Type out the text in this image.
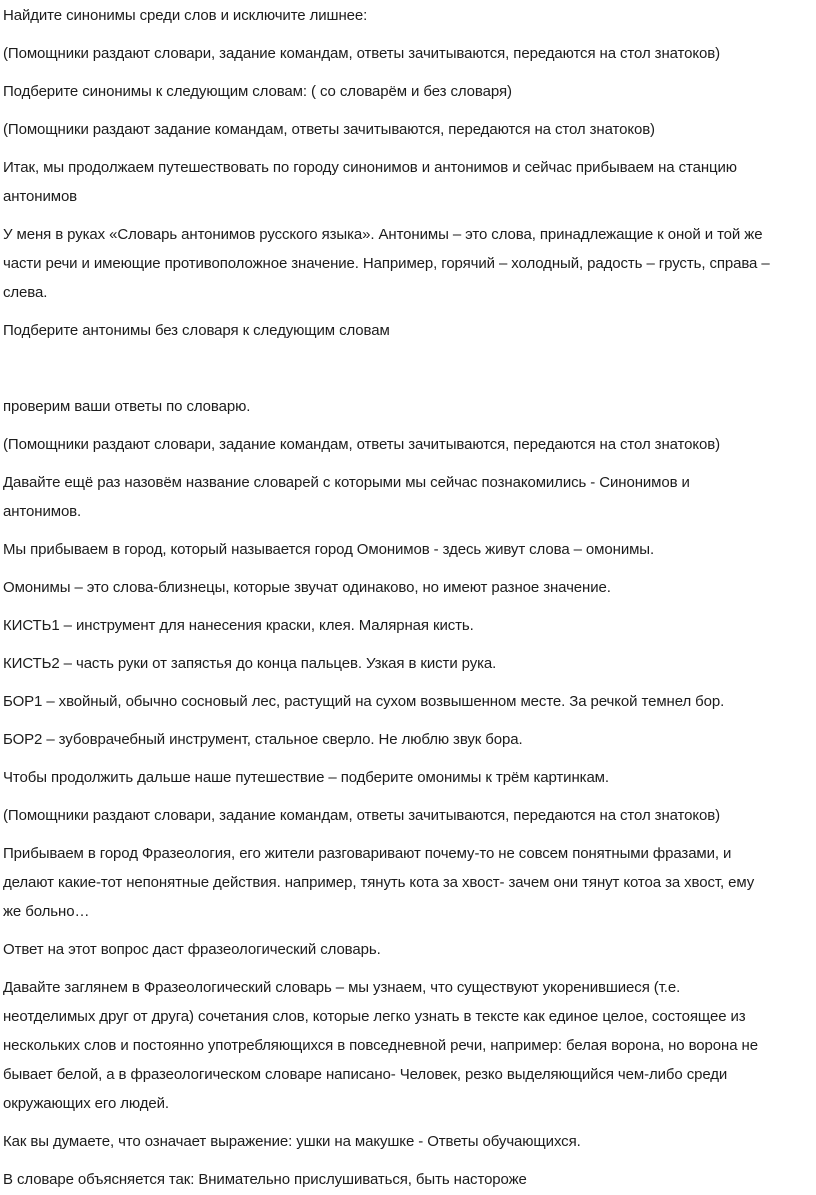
Найдите синонимы среди слов и исключите лишнее:
(Помощники раздают словари, задание командам, ответы зачитываются, передаются на стол знатоков)
Подберите синонимы к следующим словам: ( со словарём и без словаря)
(Помощники раздают задание командам, ответы зачитываются, передаются на стол знатоков)
Итак, мы продолжаем путешествовать по городу синонимов и антонимов и сейчас прибываем на станцию
антонимов
У меня в руках «Словарь антонимов русского языка». Антонимы – это слова, принадлежащие к оной и той же
части речи и имеющие противоположное значение. Например, горячий – холодный, радость – грусть, справа –
слева.
Подберите антонимы без словаря к следующим словам
проверим ваши ответы по словарю.
(Помощники раздают словари, задание командам, ответы зачитываются, передаются на стол знатоков)
Давайте ещё раз назовём название словарей с которыми мы сейчас познакомились - Синонимов и
антонимов.
Мы прибываем в город, который называется город Омонимов - здесь живут слова – омонимы.
Омонимы – это слова-близнецы, которые звучат одинаково, но имеют разное значение.
КИСТЬ1 – инструмент для нанесения краски, клея. Малярная кисть.
КИСТЬ2 – часть руки от запястья до конца пальцев. Узкая в кисти рука.
БОР1 – хвойный, обычно сосновый лес, растущий на сухом возвышенном месте. За речкой темнел бор.
БОР2 – зубоврачебный инструмент, стальное сверло. Не люблю звук бора.
Чтобы продолжить дальше наше путешествие – подберите омонимы к трём картинкам.
(Помощники раздают словари, задание командам, ответы зачитываются, передаются на стол знатоков)
Прибываем в город Фразеология, его жители разговаривают почему-то не совсем понятными фразами, и
делают какие-тот непонятные действия. например, тянуть кота за хвост- зачем они тянут котоа за хвост, ему
же больно…
Ответ на этот вопрос даст фразеологический словарь.
Давайте заглянем в Фразеологический словарь – мы узнаем, что существуют укоренившиеся (т.е.
неотделимых друг от друга) сочетания слов, которые легко узнать в тексте как единое целое, состоящее из
нескольких слов и постоянно употребляющихся в повседневной речи, например: белая ворона, но ворона не
бывает белой, а в фразеологическом словаре написано- Человек, резко выделяющийся чем-либо среди
окружающих его людей.
Как вы думаете, что означает выражение: ушки на макушке - Ответы обучающихся.
В словаре объясняется так: Внимательно прислушиваться, быть настороже
